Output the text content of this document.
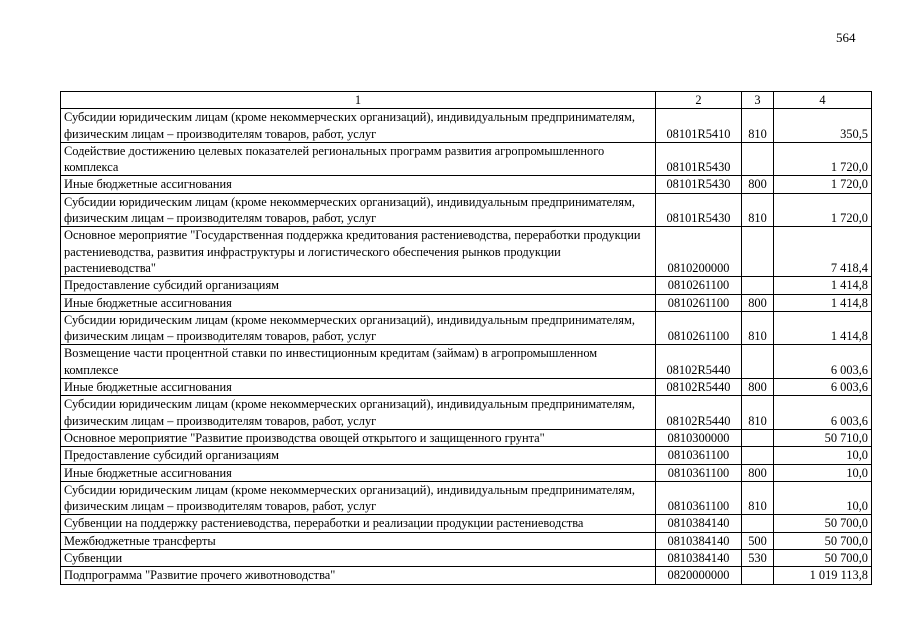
564
1	2	3	4
Субсидии юридическим лицам (кроме некоммерческих организаций), индивидуальным предпринимателям, физическим лицам – производителям товаров, работ, услуг	08101R5410	810	350,5
Содействие достижению целевых показателей региональных программ развития агропромышленного комплекса	08101R5430		1 720,0
Иные бюджетные ассигнования	08101R5430	800	1 720,0
Субсидии юридическим лицам (кроме некоммерческих организаций), индивидуальным предпринимателям, физическим лицам – производителям товаров, работ, услуг	08101R5430	810	1 720,0
Основное мероприятие "Государственная поддержка кредитования растениеводства, переработки продукции растениеводства, развития инфраструктуры и логистического обеспечения рынков продукции растениеводства"	0810200000		7 418,4
Предоставление субсидий организациям	0810261100		1 414,8
Иные бюджетные ассигнования	0810261100	800	1 414,8
Субсидии юридическим лицам (кроме некоммерческих организаций), индивидуальным предпринимателям, физическим лицам – производителям товаров, работ, услуг	0810261100	810	1 414,8
Возмещение части процентной ставки по инвестиционным кредитам (займам) в агропромышленном комплексе	08102R5440		6 003,6
Иные бюджетные ассигнования	08102R5440	800	6 003,6
Субсидии юридическим лицам (кроме некоммерческих организаций), индивидуальным предпринимателям, физическим лицам – производителям товаров, работ, услуг	08102R5440	810	6 003,6
Основное мероприятие "Развитие производства овощей открытого и защищенного грунта"	0810300000		50 710,0
Предоставление субсидий организациям	0810361100		10,0
Иные бюджетные ассигнования	0810361100	800	10,0
Субсидии юридическим лицам (кроме некоммерческих организаций), индивидуальным предпринимателям, физическим лицам – производителям товаров, работ, услуг	0810361100	810	10,0
Субвенции на поддержку растениеводства, переработки и реализации продукции растениеводства	0810384140		50 700,0
Межбюджетные трансферты	0810384140	500	50 700,0
Субвенции	0810384140	530	50 700,0
Подпрограмма "Развитие прочего животноводства"	0820000000		1 019 113,8
